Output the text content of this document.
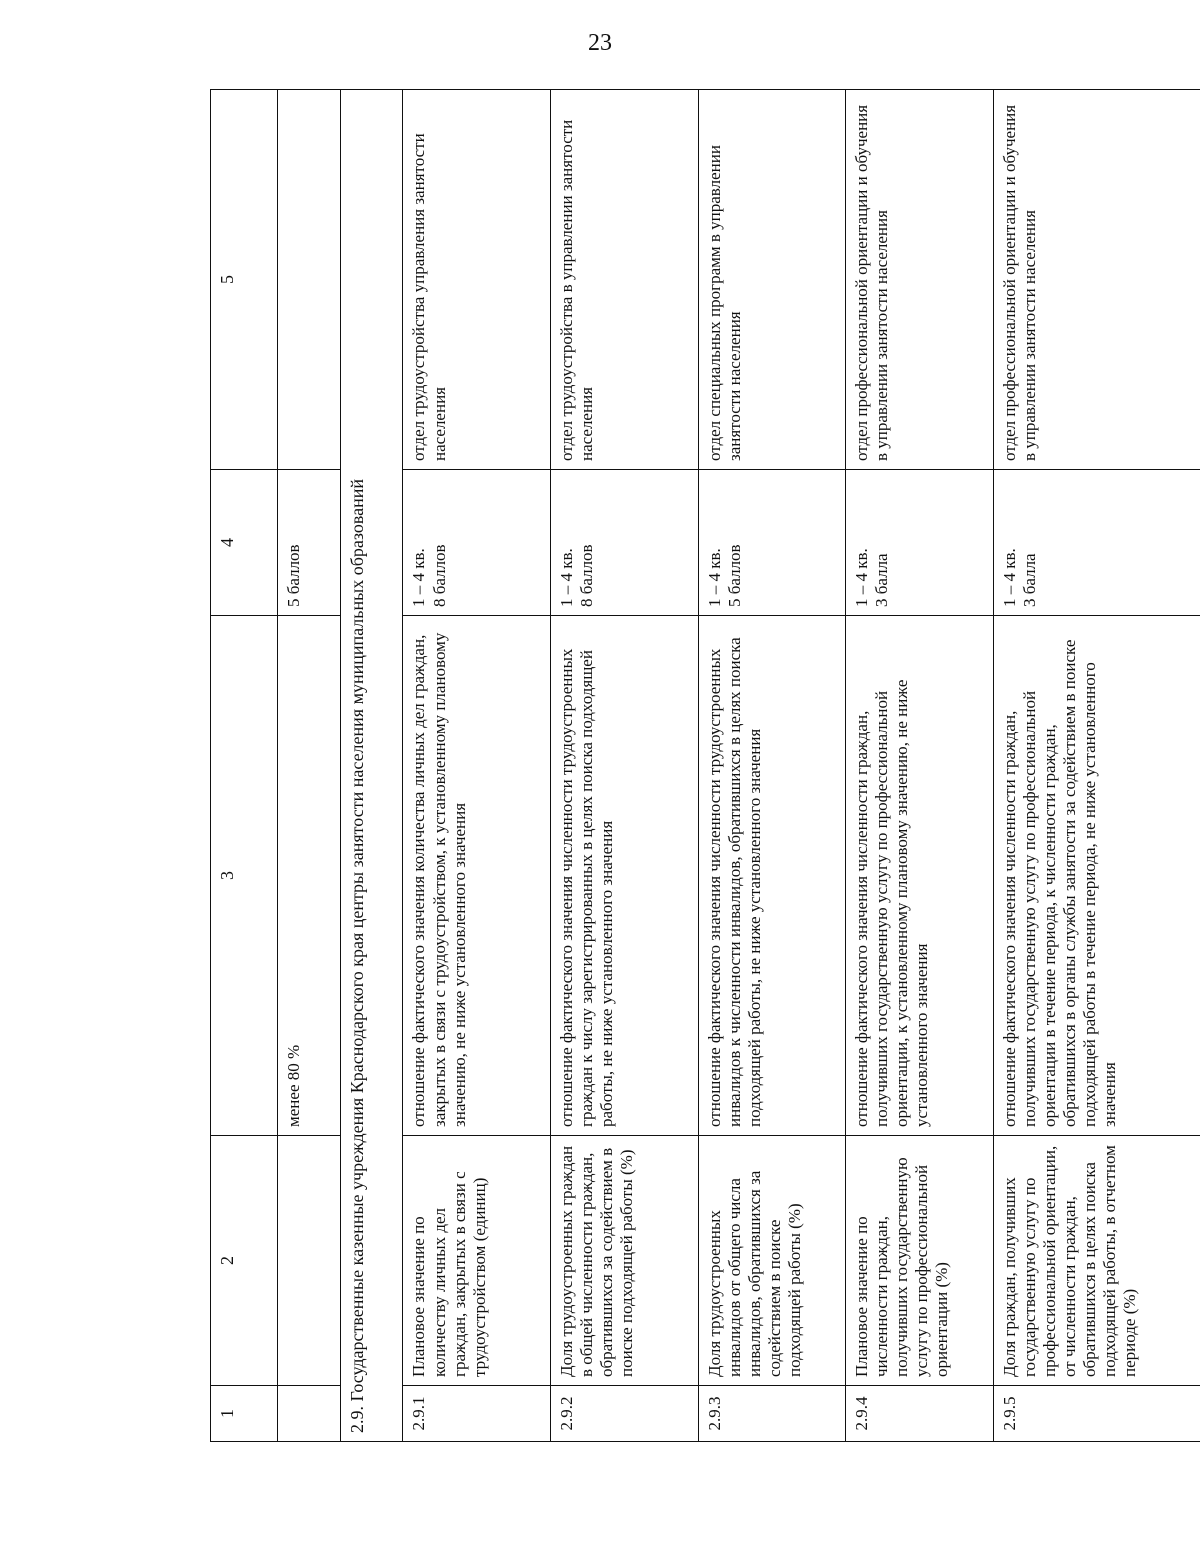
23
1	2	3	4	5
		менее 80 %	5 баллов	
2.9. Государственные казенные учреждения Краснодарского края центры занятости населения муниципальных образований				
2.9.1	Плановое значение по количеству личных дел граждан, закрытых в связи с трудоустройством (единиц)	отношение фактического значения количества личных дел граждан, закрытых в связи с трудоустройством, к установленному плановому значению, не ниже установленного значения	1 – 4 кв. 8 баллов	отдел трудоустройства управления занятости населения
2.9.2	Доля трудоустроенных граждан в общей численности граждан, обратившихся за содействием в поиске подходящей работы (%)	отношение фактического значения численности трудоустроенных граждан к числу зарегистрированных в целях поиска подходящей работы, не ниже установленного значения	1 – 4 кв. 8 баллов	отдел трудоустройства в управлении занятости населения
2.9.3	Доля трудоустроенных инвалидов от общего числа инвалидов, обратившихся за содействием в поиске подходящей работы (%)	отношение фактического значения численности трудоустроенных инвалидов к численности инвалидов, обратившихся в целях поиска подходящей работы, не ниже установленного значения	1 – 4 кв. 5 баллов	отдел специальных программ в управлении занятости населения
2.9.4	Плановое значение по численности граждан, получивших государственную услугу по профессиональной ориентации (%)	отношение фактического значения численности граждан, получивших государственную услугу по профессиональной ориентации, к установленному плановому значению, не ниже установленного значения	1 – 4 кв. 3 балла	отдел профессиональной ориентации и обучения в управлении занятости населения
2.9.5	Доля граждан, получивших государственную услугу по профессиональной ориентации, от численности граждан, обратившихся в целях поиска подходящей работы, в отчетном периоде (%)	отношение фактического значения численности граждан, получивших государственную услугу по профессиональной ориентации в течение периода, к численности граждан, обратившихся в органы службы занятости за содействием в поиске подходящей работы в течение периода, не ниже установленного значения	1 – 4 кв. 3 балла	отдел профессиональной ориентации и обучения в управлении занятости населения
